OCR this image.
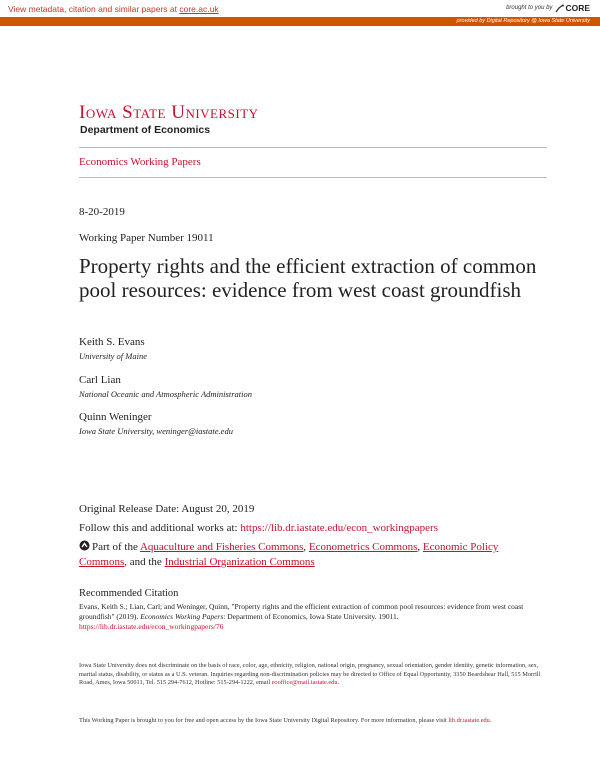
View metadata, citation and similar papers at core.ac.uk	brought to you by CORE
provided by Digital Repository @ Iowa State University
Iowa State University
Department of Economics
Economics Working Papers
8-20-2019
Working Paper Number 19011
Property rights and the efficient extraction of common pool resources: evidence from west coast groundfish
Keith S. Evans
University of Maine
Carl Lian
National Oceanic and Atmospheric Administration
Quinn Weninger
Iowa State University, weninger@iastate.edu
Original Release Date: August 20, 2019
Follow this and additional works at: https://lib.dr.iastate.edu/econ_workingpapers
Part of the Aquaculture and Fisheries Commons, Econometrics Commons, Economic Policy Commons, and the Industrial Organization Commons
Recommended Citation
Evans, Keith S.; Lian, Carl; and Weninger, Quinn, "Property rights and the efficient extraction of common pool resources: evidence from west coast groundfish" (2019). Economics Working Papers: Department of Economics, Iowa State University. 19011.
https://lib.dr.iastate.edu/econ_workingpapers/76
Iowa State University does not discriminate on the basis of race, color, age, ethnicity, religion, national origin, pregnancy, sexual orientation, gender identity, genetic information, sex, marital status, disability, or status as a U.S. veteran. Inquiries regarding non-discrimination policies may be directed to Office of Equal Opportunity, 3350 Beardshear Hall, 515 Morrill Road, Ames, Iowa 50011, Tel. 515 294-7612, Hotline: 515-294-1222, email eooffice@mail.iastate.edu.
This Working Paper is brought to you for free and open access by the Iowa State University Digital Repository. For more information, please visit lib.dr.iastate.edu.
